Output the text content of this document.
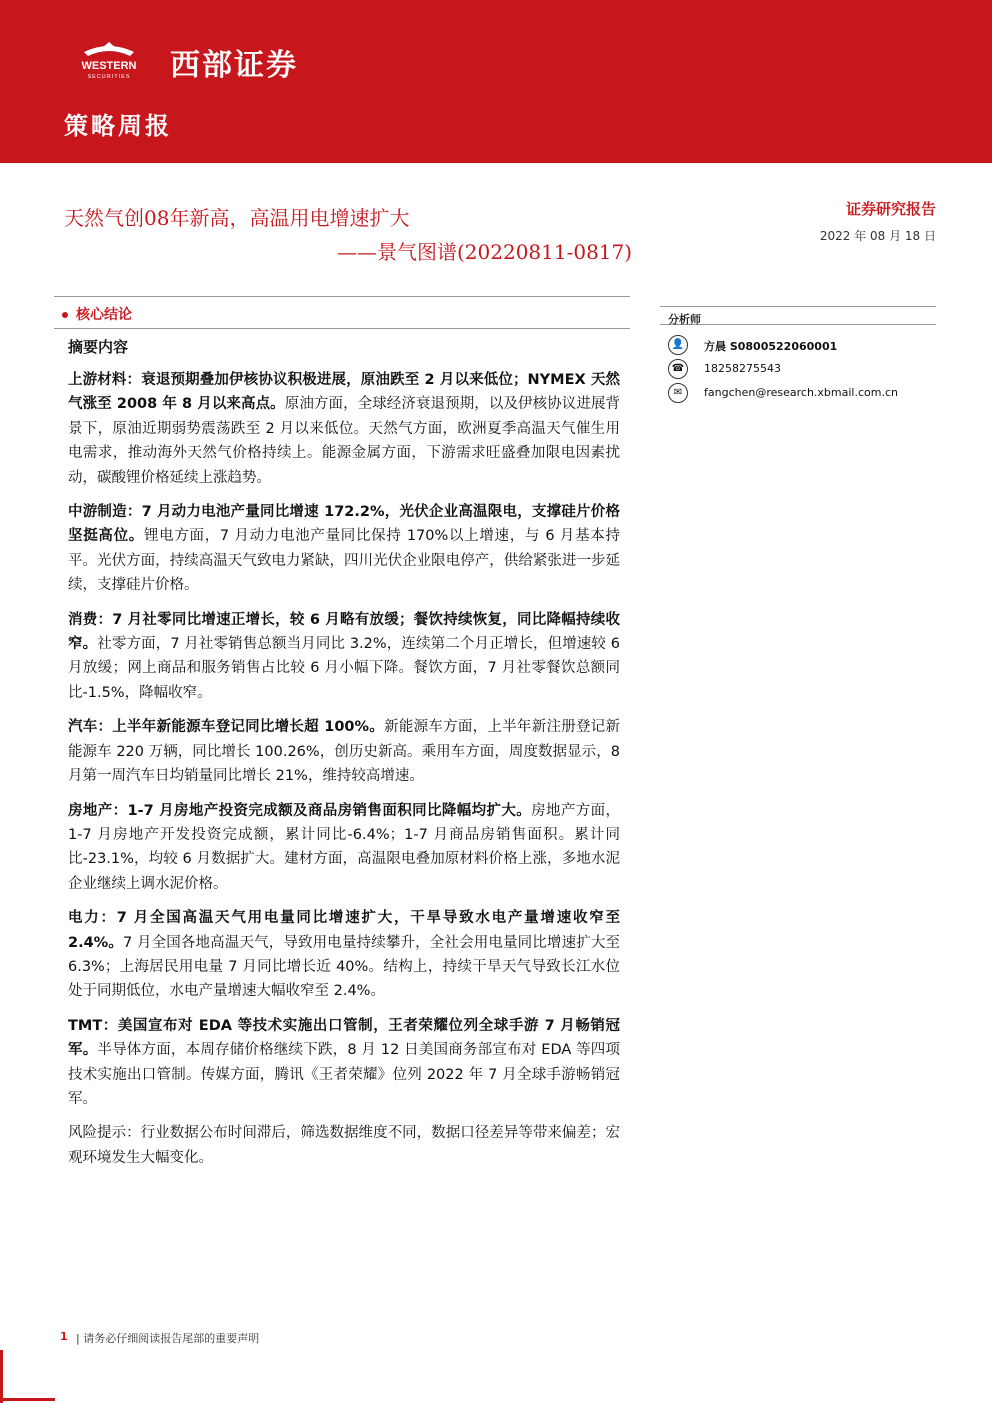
WESTERN
SECURITIES 西部证券
策略周报
天然气创08年新高，高温用电增速扩大
——景气图谱(20220811-0817)
证券研究报告
2022 年 08 月 18 日
核心结论
摘要内容

上游材料：衰退预期叠加伊核协议积极进展，原油跌至 2 月以来低位；NYMEX 天然气涨至 2008 年 8 月以来高点。原油方面，全球经济衰退预期，以及伊核协议进展背景下，原油近期弱势震荡跌至 2 月以来低位。天然气方面，欧洲夏季高温天气催生用电需求，推动海外天然气价格持续上。能源金属方面，下游需求旺盛叠加限电因素扰动，碳酸锂价格延续上涨趋势。

中游制造：7 月动力电池产量同比增速 172.2%，光伏企业高温限电，支撑硅片价格坚挺高位。锂电方面，7 月动力电池产量同比保持 170%以上增速，与 6 月基本持平。光伏方面，持续高温天气致电力紧缺，四川光伏企业限电停产，供给紧张进一步延续，支撑硅片价格。

消费：7 月社零同比增速正增长，较 6 月略有放缓；餐饮持续恢复，同比降幅持续收窄。社零方面，7 月社零销售总额当月同比 3.2%，连续第二个月正增长，但增速较 6 月放缓；网上商品和服务销售占比较 6 月小幅下降。餐饮方面，7 月社零餐饮总额同比-1.5%，降幅收窄。

汽车：上半年新能源车登记同比增长超 100%。新能源车方面，上半年新注册登记新能源车 220 万辆，同比增长 100.26%，创历史新高。乘用车方面，周度数据显示，8 月第一周汽车日均销量同比增长 21%，维持较高增速。

房地产：1-7 月房地产投资完成额及商品房销售面积同比降幅均扩大。房地产方面，1-7 月房地产开发投资完成额，累计同比-6.4%；1-7 月商品房销售面积。累计同比-23.1%，均较 6 月数据扩大。建材方面，高温限电叠加原材料价格上涨，多地水泥企业继续上调水泥价格。

电力：7 月全国高温天气用电量同比增速扩大，干旱导致水电产量增速收窄至 2.4%。7 月全国各地高温天气，导致用电量持续攀升，全社会用电量同比增速扩大至 6.3%；上海居民用电量 7 月同比增长近 40%。结构上，持续干旱天气导致长江水位处于同期低位，水电产量增速大幅收窄至 2.4%。

TMT：美国宣布对 EDA 等技术实施出口管制，王者荣耀位列全球手游 7 月畅销冠军。半导体方面，本周存储价格继续下跌，8 月 12 日美国商务部宣布对 EDA 等四项技术实施出口管制。传媒方面，腾讯《王者荣耀》位列 2022 年 7 月全球手游畅销冠军。

风险提示：行业数据公布时间滞后，筛选数据维度不同，数据口径差异等带来偏差；宏观环境发生大幅变化。

分析师
👤	方晨 S0800522060001
☎	18258275543
✉	fangchen@research.xbmail.com.cn
1 | 请务必仔细阅读报告尾部的重要声明
